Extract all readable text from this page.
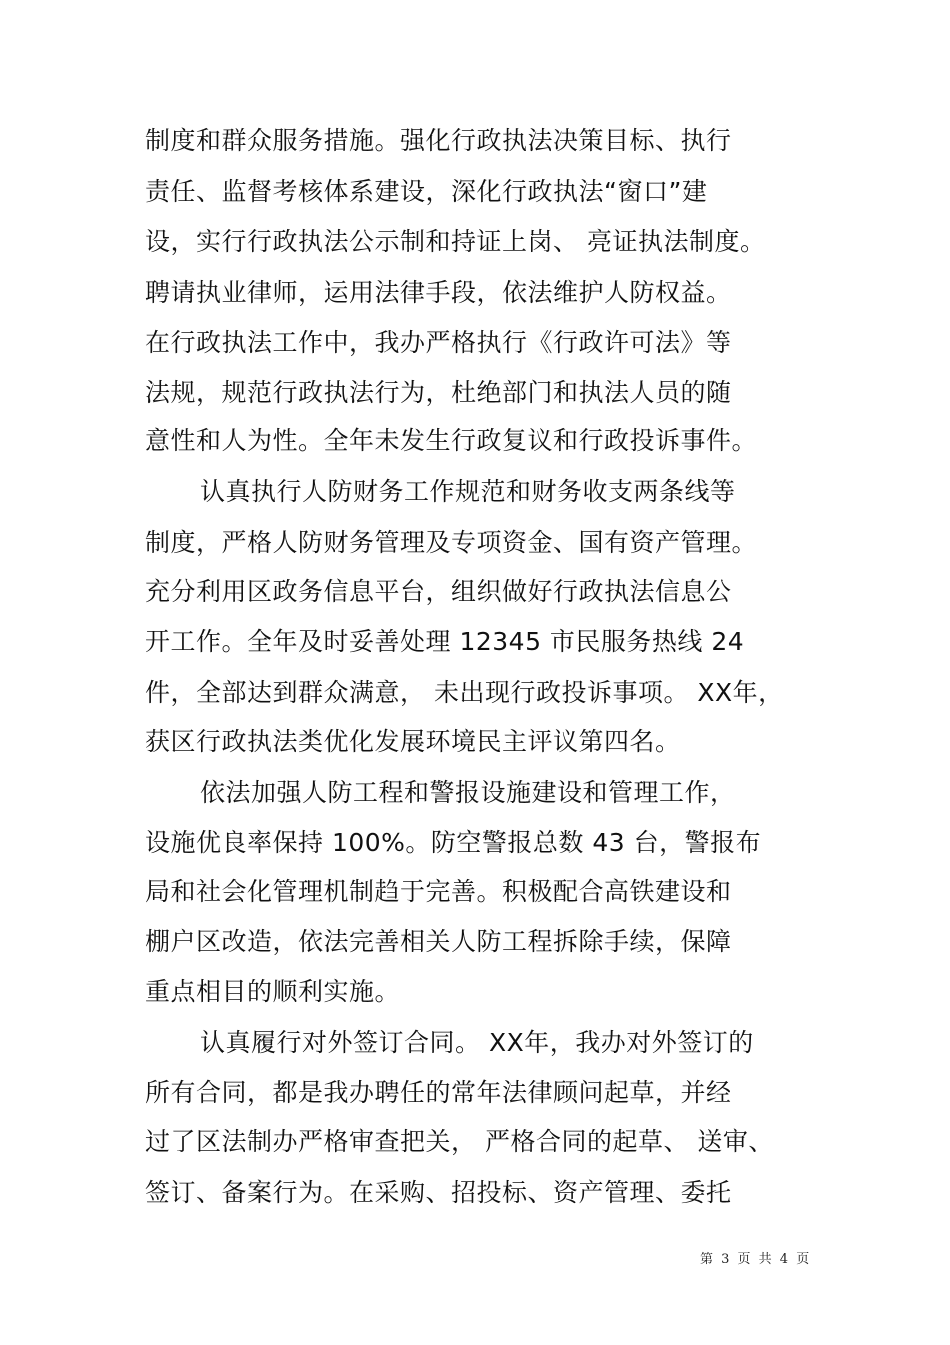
制度和群众服务措施。强化行政执法决策目标、执行
责任、监督考核体系建设，深化行政执法“窗口”建
设，实行行政执法公示制和持证上岗、 亮证执法制度。
聘请执业律师，运用法律手段，依法维护人防权益。
在行政执法工作中，我办严格执行《行政许可法》等
法规，规范行政执法行为，杜绝部门和执法人员的随
意性和人为性。全年未发生行政复议和行政投诉事件。
认真执行人防财务工作规范和财务收支两条线等
制度，严格人防财务管理及专项资金、国有资产管理。
充分利用区政务信息平台，组织做好行政执法信息公
开工作。全年及时妥善处理 12345 市民服务热线 24
件，全部达到群众满意， 未出现行政投诉事项。 XX年，
获区行政执法类优化发展环境民主评议第四名。
依法加强人防工程和警报设施建设和管理工作，
设施优良率保持 100%。防空警报总数 43 台，警报布
局和社会化管理机制趋于完善。积极配合高铁建设和
棚户区改造，依法完善相关人防工程拆除手续，保障
重点相目的顺利实施。
认真履行对外签订合同。 XX年，我办对外签订的
所有合同，都是我办聘任的常年法律顾问起草，并经
过了区法制办严格审查把关， 严格合同的起草、 送审、
签订、备案行为。在采购、招投标、资产管理、委托
第 3 页 共 4 页
